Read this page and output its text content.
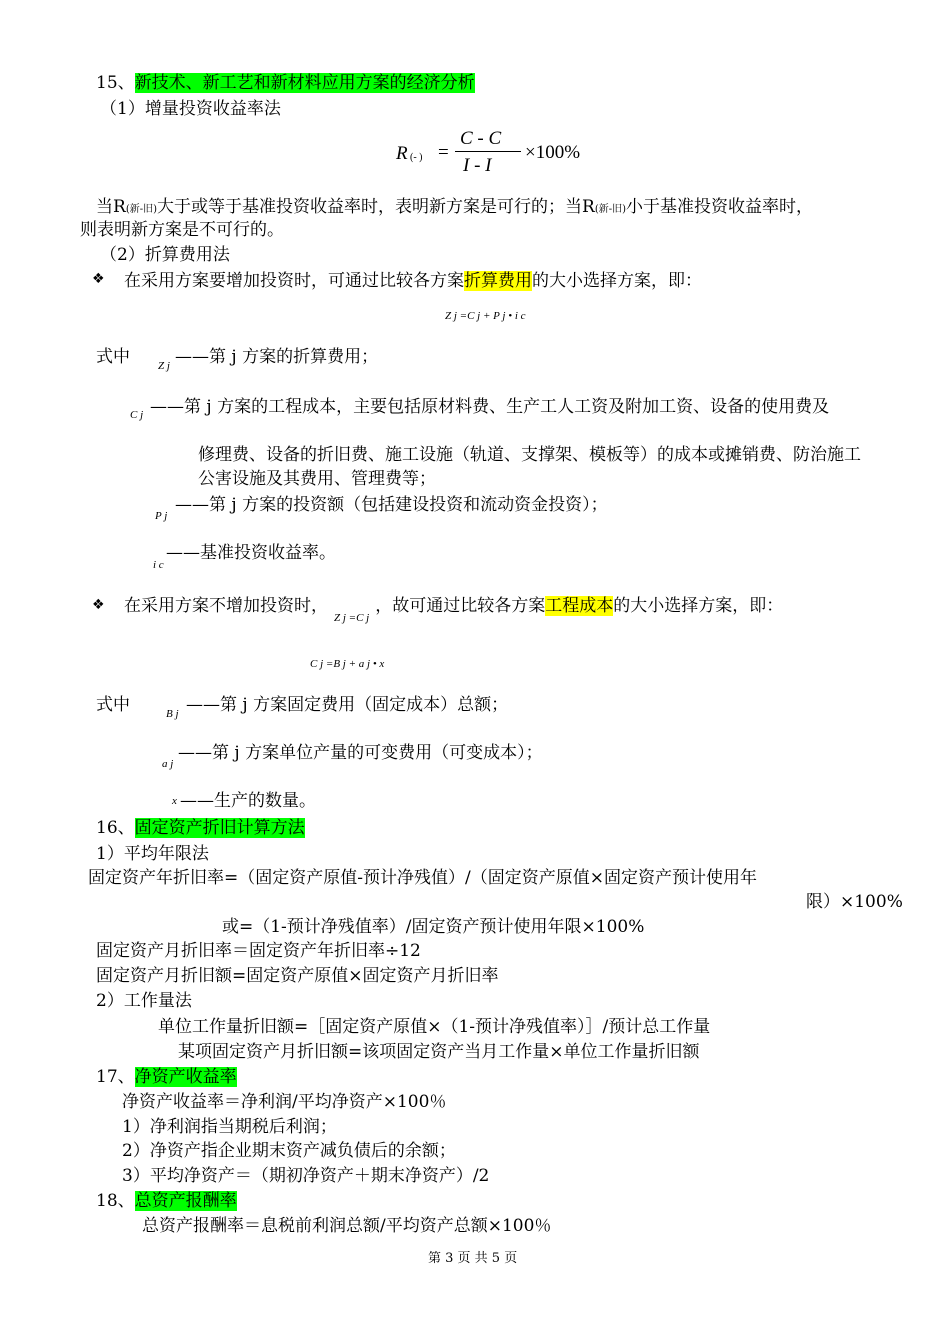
15、新技术、新工艺和新材料应用方案的经济分析
（1）增量投资收益率法
R (- ) =
C - C
I - I
×100%
当R(新-旧)大于或等于基准投资收益率时，表明新方案是可行的；当R(新-旧)小于基准投资收益率时，
则表明新方案是不可行的。
（2）折算费用法
❖ 在采用方案要增加投资时，可通过比较各方案折算费用的大小选择方案，即：
Z j =C j + P j • i c
式中	Z j ——第 j 方案的折算费用；
C j ——第 j 方案的工程成本，主要包括原材料费、生产工人工资及附加工资、设备的使用费及
修理费、设备的折旧费、施工设施（轨道、支撑架、模板等）的成本或摊销费、防治施工
公害设施及其费用、管理费等；
P j
——第 j 方案的投资额（包括建设投资和流动资金投资）；
i c
——基准投资收益率。
❖ 在采用方案不增加投资时，$_{Z j =C j}$，故可通过比较各方案工程成本的大小选择方案，即：
C j =B j + a j • x
式中	B j ——第 j 方案固定费用（固定成本）总额；
a j
——第 j 方案单位产量的可变费用（可变成本）；
x ——生产的数量。
16、固定资产折旧计算方法
1）平均年限法
固定资产年折旧率=（固定资产原值-预计净残值）/（固定资产原值×固定资产预计使用年
限）×100%
或=（1-预计净残值率）/固定资产预计使用年限×100%
固定资产月折旧率＝固定资产年折旧率÷12
固定资产月折旧额=固定资产原值×固定资产月折旧率
2）工作量法
单位工作量折旧额=［固定资产原值×（1-预计净残值率）］/预计总工作量
某项固定资产月折旧额=该项固定资产当月工作量×单位工作量折旧额
17、净资产收益率
净资产收益率＝净利润/平均净资产×100％
1）净利润指当期税后利润；
2）净资产指企业期末资产减负债后的余额；
3）平均净资产＝（期初净资产＋期末净资产）/2
18、总资产报酬率
总资产报酬率＝息税前利润总额/平均资产总额×100％
第 3 页 共 5 页
